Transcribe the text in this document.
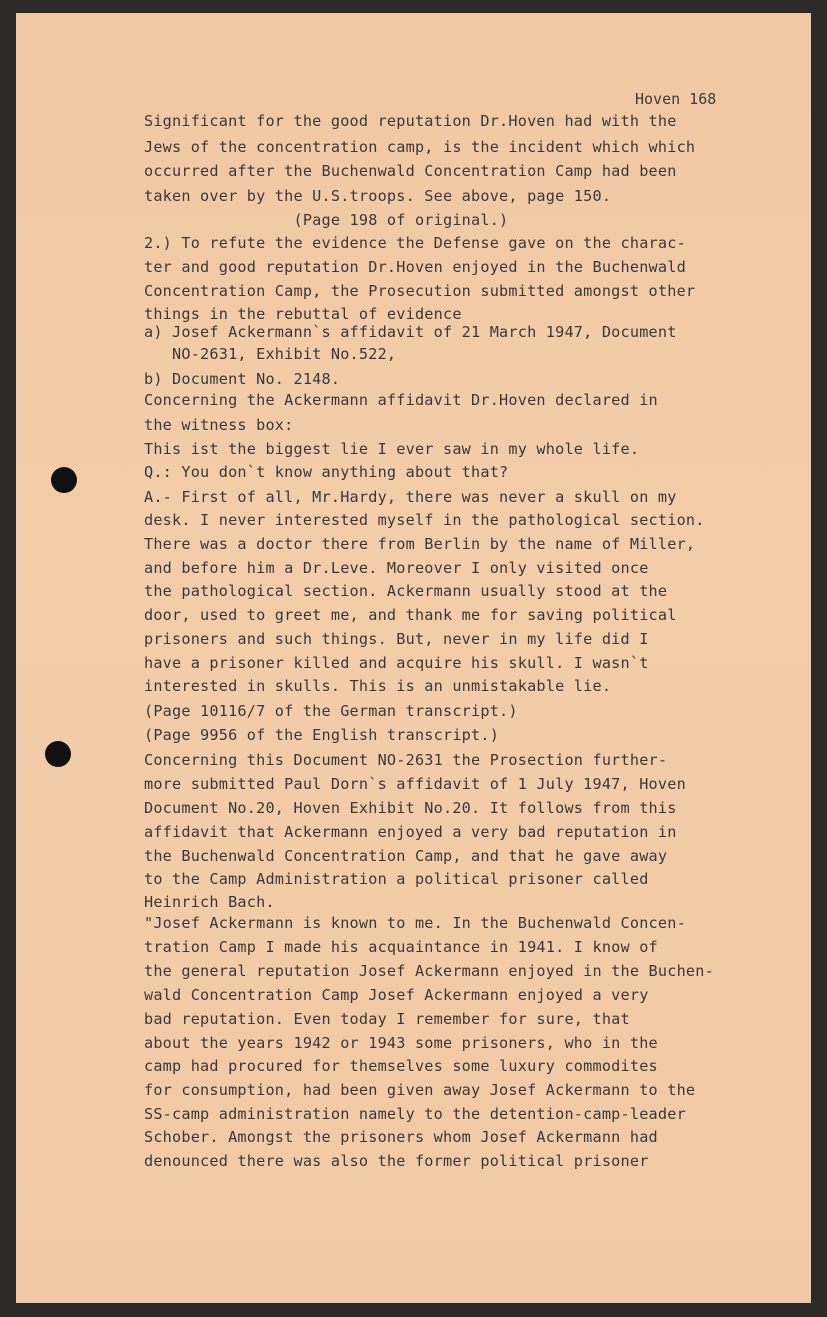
Hoven 168
Significant for the good reputation Dr.Hoven had with the
Jews of the concentration camp, is the incident which which
occurred after the Buchenwald Concentration Camp had been
taken over by the U.S.troops. See above, page 150.
(Page 198 of original.)
2.) To refute the evidence the Defense gave on the charac-
ter and good reputation Dr.Hoven enjoyed in the Buchenwald
Concentration Camp, the Prosecution submitted amongst other
things in the rebuttal of evidence
a) Josef Ackermann`s affidavit of 21 March 1947, Document
NO-2631, Exhibit No.522,
b) Document No. 2148.
Concerning the Ackermann affidavit Dr.Hoven declared in
the witness box:
This ist the biggest lie I ever saw in my whole life.
Q.: You don`t know anything about that?
A.- First of all, Mr.Hardy, there was never a skull on my
desk. I never interested myself in the pathological section.
There was a doctor there from Berlin by the name of Miller,
and before him a Dr.Leve. Moreover I only visited once
the pathological section. Ackermann usually stood at the
door, used to greet me, and thank me for saving political
prisoners and such things. But, never in my life did I
have a prisoner killed and acquire his skull. I wasn`t
interested in skulls. This is an unmistakable lie.
(Page 10116/7 of the German transcript.)
(Page 9956 of the English transcript.)
Concerning this Document NO-2631 the Prosection further-
more submitted Paul Dorn`s affidavit of 1 July 1947, Hoven
Document No.20, Hoven Exhibit No.20. It follows from this
affidavit that Ackermann enjoyed a very bad reputation in
the Buchenwald Concentration Camp, and that he gave away
to the Camp Administration a political prisoner called
Heinrich Bach.
"Josef Ackermann is known to me. In the Buchenwald Concen-
tration Camp I made his acquaintance in 1941. I know of
the general reputation Josef Ackermann enjoyed in the Buchen-
wald Concentration Camp Josef Ackermann enjoyed a very
bad reputation. Even today I remember for sure, that
about the years 1942 or 1943 some prisoners, who in the
camp had procured for themselves some luxury commodites
for consumption, had been given away Josef Ackermann to the
SS-camp administration namely to the detention-camp-leader
Schober. Amongst the prisoners whom Josef Ackermann had
denounced there was also the former political prisoner
